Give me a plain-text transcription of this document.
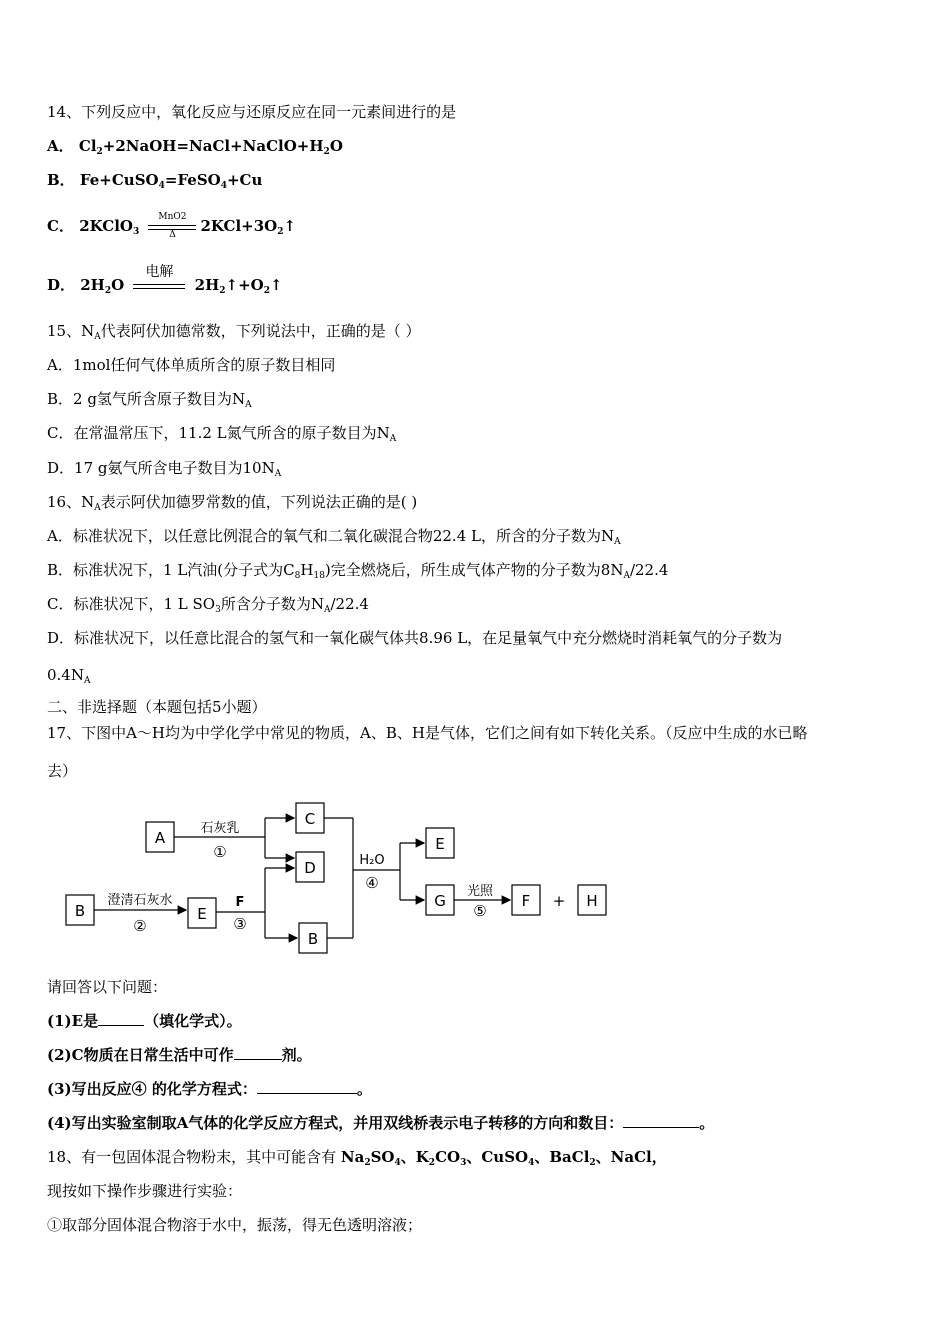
14、下列反应中，氧化反应与还原反应在同一元素间进行的是
A． $Cl_2+2NaOH=NaCl+NaClO+H_2O$
B． Fe+CuSO$_4$=FeSO$_4$+Cu
C． 2KClO$_3$
MnO2
Δ	$2KCl+3O_2↑$
D． $2H_2O$
电解
$2H_2↑+O_2↑$
15、$N_A$代表阿伏加德常数，下列说法中，正确的是（ ）
A．1mol任何气体单质所含的原子数目相同
B．2 g氢气所含原子数目为$N_A$
C．在常温常压下，11.2 L氮气所含的原子数目为$N_A$
D．17 g氨气所含电子数目为$10N_A$
16、$N_A$表示阿伏加德罗常数的值，下列说法正确的是( )
A．标准状况下，以任意比例混合的氧气和二氧化碳混合物22.4 L，所含的分子数为$N_A$
B．标准状况下，1 L汽油(分子式为$C_8H_{18}$)完全燃烧后，所生成气体产物的分子数为$8N_A/22.4$
C．标准状况下，1 L $SO_3$所含分子数为$N_A/22.4$
D．标准状况下，以任意比混合的氢气和一氧化碳气体共8.96 L，在足量氧气中充分燃烧时消耗氧气的分子数为
$0.4N_A$
二、非选择题（本题包括5小题）
17、下图中A～H均为中学化学中常见的物质，A、B、H是气体，它们之间有如下转化关系。（反应中生成的水已略
去）
A
B	E
C
D
B
E
G	F	H
+
石灰乳
①
澄清石灰水
②
F
③
H₂O
④	光照
⑤
请回答以下问题：
(1)E是	（填化学式）。
(2)C物质在日常生活中可作	剂。
(3)写出反应④ 的化学方程式：	。
(4)写出实验室制取A气体的化学反应方程式，并用双线桥表示电子转移的方向和数目：	。
18、有一包固体混合物粉末，其中可能含有 $Na_2SO_4$、$K_2CO_3$、CuSO$_4$、BaCl$_2$、NaCl，
现按如下操作步骤进行实验：
①取部分固体混合物溶于水中，振荡，得无色透明溶液；
